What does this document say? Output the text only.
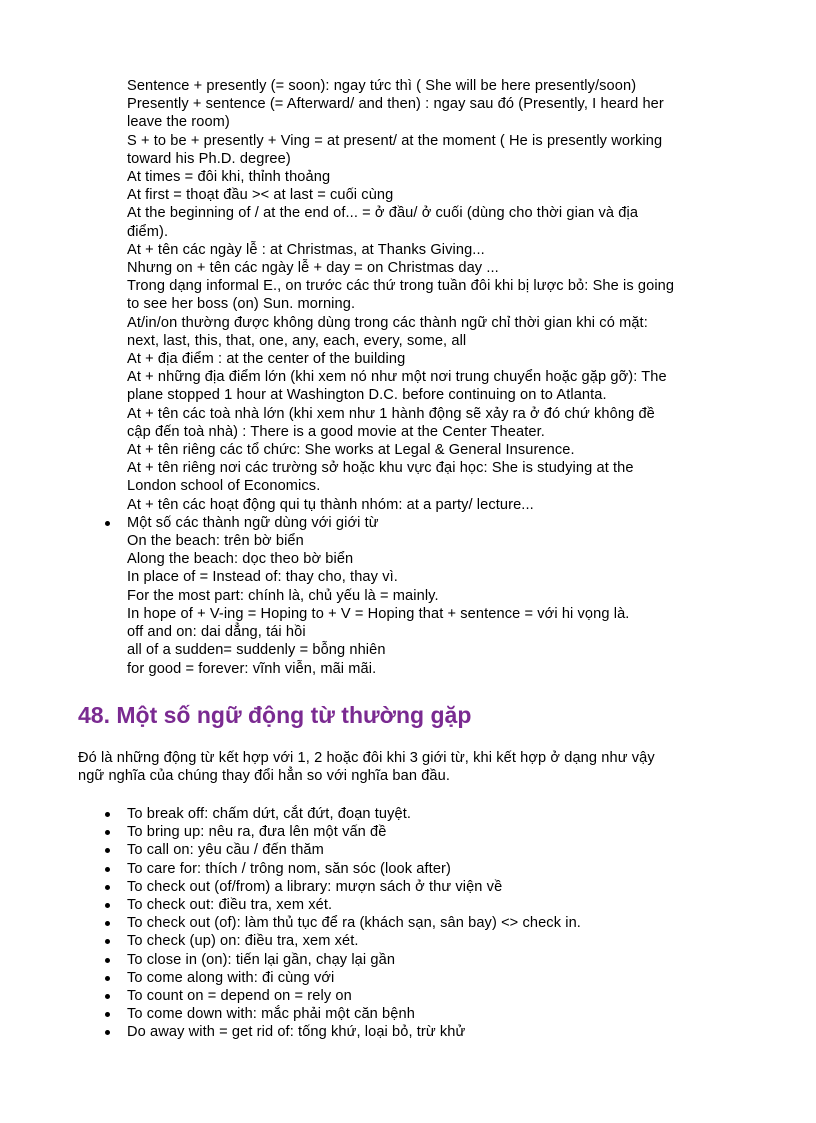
Sentence + presently (= soon): ngay tức thì ( She will be here presently/soon)
Presently + sentence (= Afterward/ and then) : ngay sau đó (Presently, I heard her
leave the room)
S + to be + presently + Ving = at present/ at the moment ( He is presently working
toward his Ph.D. degree)
At times = đôi khi, thỉnh thoảng
At first = thoạt đầu >< at last = cuối cùng
At the beginning of / at the end of... = ở đầu/ ở cuối (dùng cho thời gian và địa
điểm).
At + tên các ngày lễ : at Christmas, at Thanks Giving...
Nhưng on + tên các ngày lễ + day = on Christmas day ...
Trong dạng informal E., on trước các thứ trong tuần đôi khi bị lược bỏ: She is going
to see her boss (on) Sun. morning.
At/in/on thường được không dùng trong các thành ngữ chỉ thời gian khi có mặt:
next, last, this, that, one, any, each, every, some, all
At + địa điểm : at the center of the building
At + những địa điểm lớn (khi xem nó như một nơi trung chuyển hoặc gặp gỡ): The
plane stopped 1 hour at Washington D.C. before continuing on to Atlanta.
At + tên các toà nhà lớn (khi xem như 1 hành động sẽ xảy ra ở đó chứ không đề
cập đến toà nhà) : There is a good movie at the Center Theater.
At + tên riêng các tổ chức: She works at Legal & General Insurence.
At + tên riêng nơi các trường sở hoặc khu vực đại học: She is studying at the
London school of Economics.
At + tên các hoạt động qui tụ thành nhóm: at a party/ lecture...
Một số các thành ngữ dùng với giới từ
On the beach: trên bờ biển
Along the beach: dọc theo bờ biển
In place of = Instead of: thay cho, thay vì.
For the most part: chính là, chủ yếu là = mainly.
In hope of + V-ing = Hoping to + V = Hoping that + sentence = với hi vọng là.
off and on: dai dẳng, tái hồi
all of a sudden= suddenly = bỗng nhiên
for good = forever: vĩnh viễn, mãi mãi.
48. Một số ngữ động từ thường gặp
Đó là những động từ kết hợp với 1, 2 hoặc đôi khi 3 giới từ, khi kết hợp ở dạng như vậy
ngữ nghĩa của chúng thay đổi hẳn so với nghĩa ban đầu.
To break off: chấm dứt, cắt đứt, đoạn tuyệt.
To bring up: nêu ra, đưa lên một vấn đề
To call on: yêu cầu / đến thăm
To care for: thích / trông nom, săn sóc (look after)
To check out (of/from) a library: mượn sách ở thư viện về
To check out: điều tra, xem xét.
To check out (of): làm thủ tục để ra (khách sạn, sân bay) <> check in.
To check (up) on: điều tra, xem xét.
To close in (on): tiến lại gần, chạy lại gần
To come along with: đi cùng với
To count on = depend on = rely on
To come down with: mắc phải một căn bệnh
Do away with = get rid of: tống khứ, loại bỏ, trừ khử
